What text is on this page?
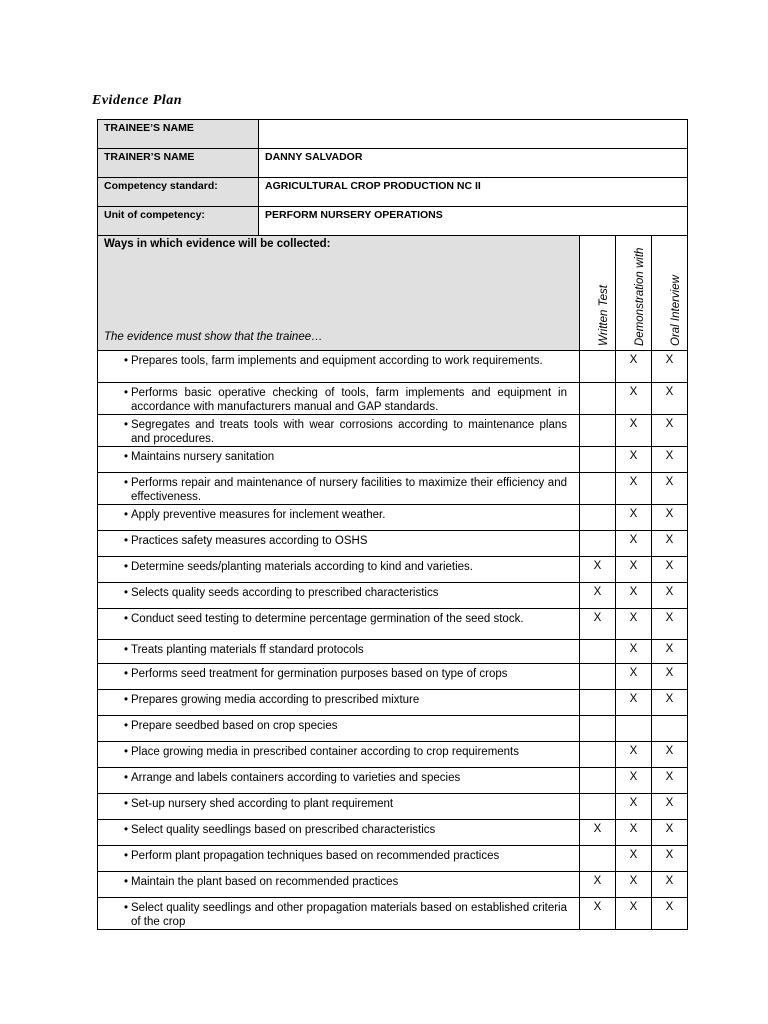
Evidence Plan
TRAINEE’S NAME				
TRAINER’S NAME	DANNY SALVADOR			
Competency standard:	AGRICULTURAL CROP PRODUCTION NC II			
Unit of competency:	PERFORM NURSERY OPERATIONS			

Ways in which evidence will be collected:
The evidence must show that the trainee…		Written Test	Demonstration with	Oral Interview

• Prepares tools, farm implements and equipment according to work requirements.			X	X

• Performs basic operative checking of tools, farm implements and equipment in accordance with manufacturers manual and GAP standards.			X	X

• Segregates and treats tools with wear corrosions according to maintenance plans and procedures.			X	X

• Maintains nursery sanitation			X	X

• Performs repair and maintenance of nursery facilities to maximize their efficiency and effectiveness.			X	X

• Apply preventive measures for inclement weather.			X	X

• Practices safety measures according to OSHS			X	X

• Determine seeds/planting materials according to kind and varieties.		X	X	X

• Selects quality seeds according to prescribed characteristics		X	X	X

• Conduct seed testing to determine percentage germination of the seed stock.		X	X	X

• Treats planting materials ff standard protocols			X	X

• Performs seed treatment for germination purposes based on type of crops			X	X

• Prepares growing media according to prescribed mixture			X	X

• Prepare seedbed based on crop species				

• Place growing media in prescribed container according to crop requirements			X	X

• Arrange and labels containers according to varieties and species			X	X

• Set-up nursery shed according to plant requirement			X	X

• Select quality seedlings based on prescribed characteristics		X	X	X

• Perform plant propagation techniques based on recommended practices			X	X

• Maintain the plant based on recommended practices		X	X	X

• Select quality seedlings and other propagation materials based on established criteria of the crop		X	X	X
